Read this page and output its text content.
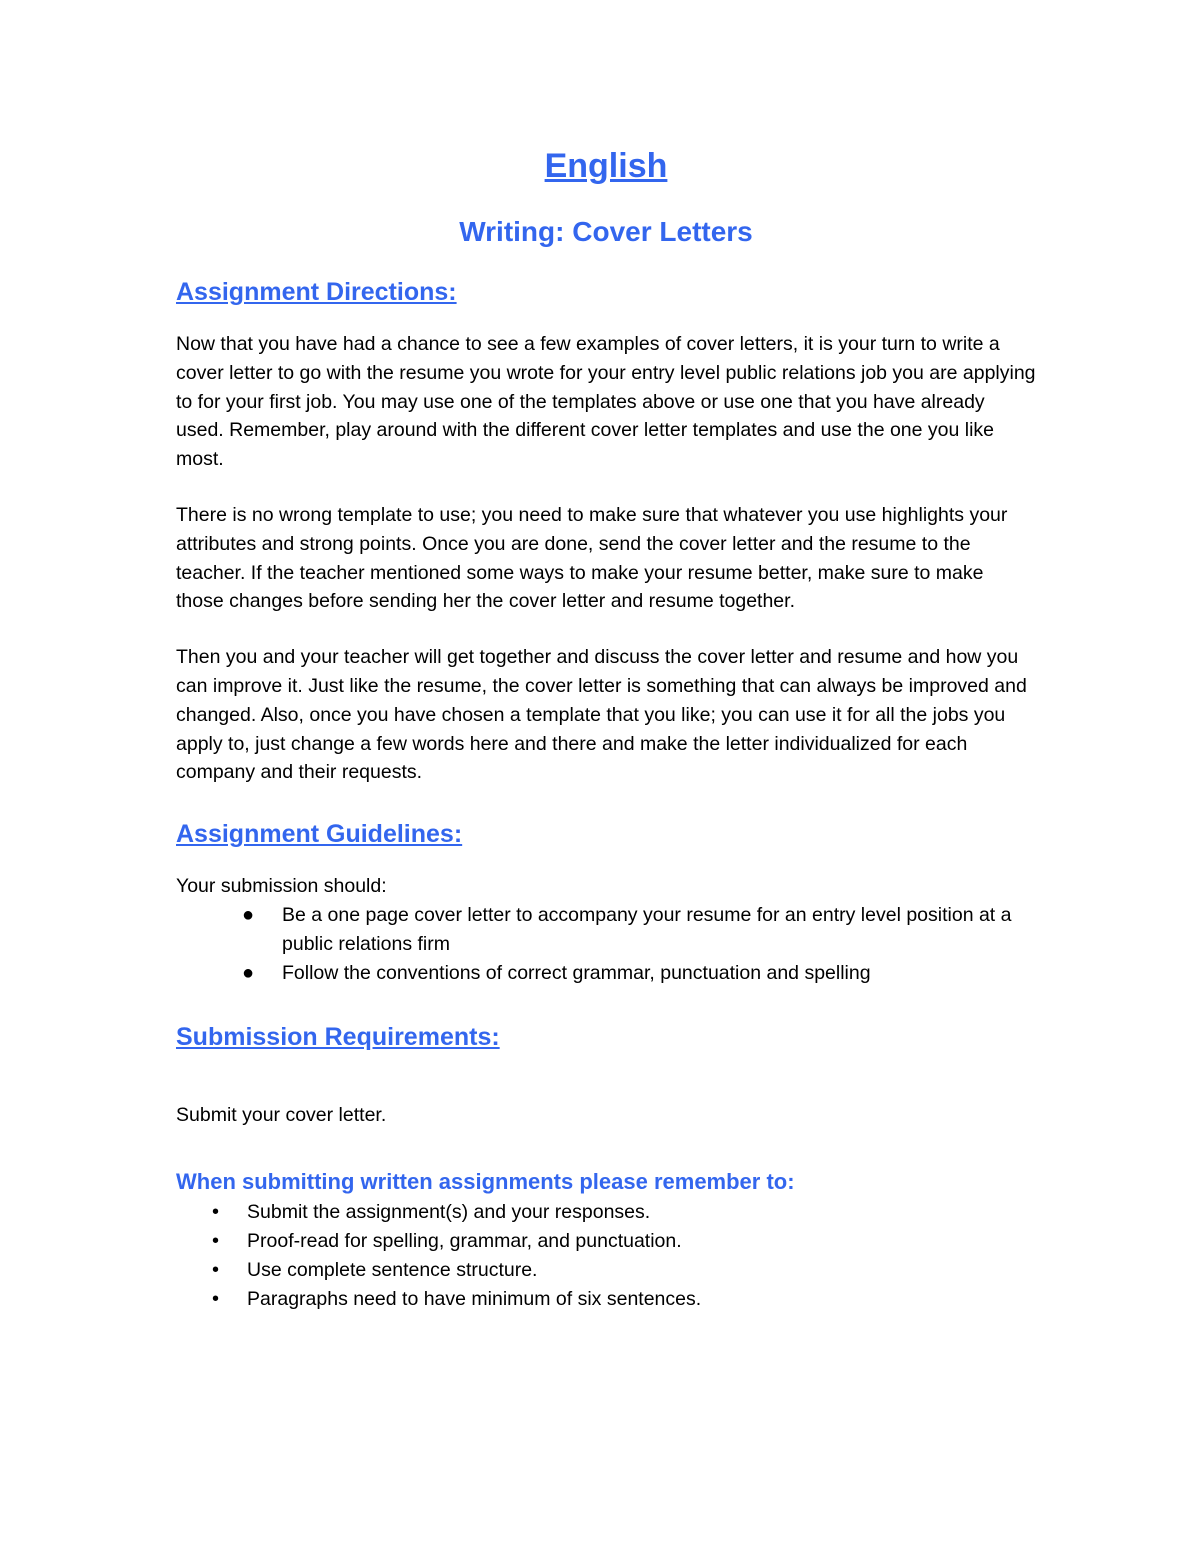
English
Writing: Cover Letters
Assignment Directions:

Now that you have had a chance to see a few examples of cover letters, it is your turn to write a cover letter to go with the resume you wrote for your entry level public relations job you are applying to for your first job. You may use one of the templates above or use one that you have already used. Remember, play around with the different cover letter templates and use the one you like most.

There is no wrong template to use; you need to make sure that whatever you use highlights your attributes and strong points. Once you are done, send the cover letter and the resume to the teacher. If the teacher mentioned some ways to make your resume better, make sure to make those changes before sending her the cover letter and resume together.

Then you and your teacher will get together and discuss the cover letter and resume and how you can improve it. Just like the resume, the cover letter is something that can always be improved and changed. Also, once you have chosen a template that you like; you can use it for all the jobs you apply to, just change a few words here and there and make the letter individualized for each company and their requests.

Assignment Guidelines:

Your submission should:

● Be a one page cover letter to accompany your resume for an entry level position at a public relations firm
● Follow the conventions of correct grammar, punctuation and spelling
Submission Requirements:

Submit your cover letter.

When submitting written assignments please remember to:
• Submit the assignment(s) and your responses.
• Proof-read for spelling, grammar, and punctuation.
• Use complete sentence structure.
• Paragraphs need to have minimum of six sentences.
